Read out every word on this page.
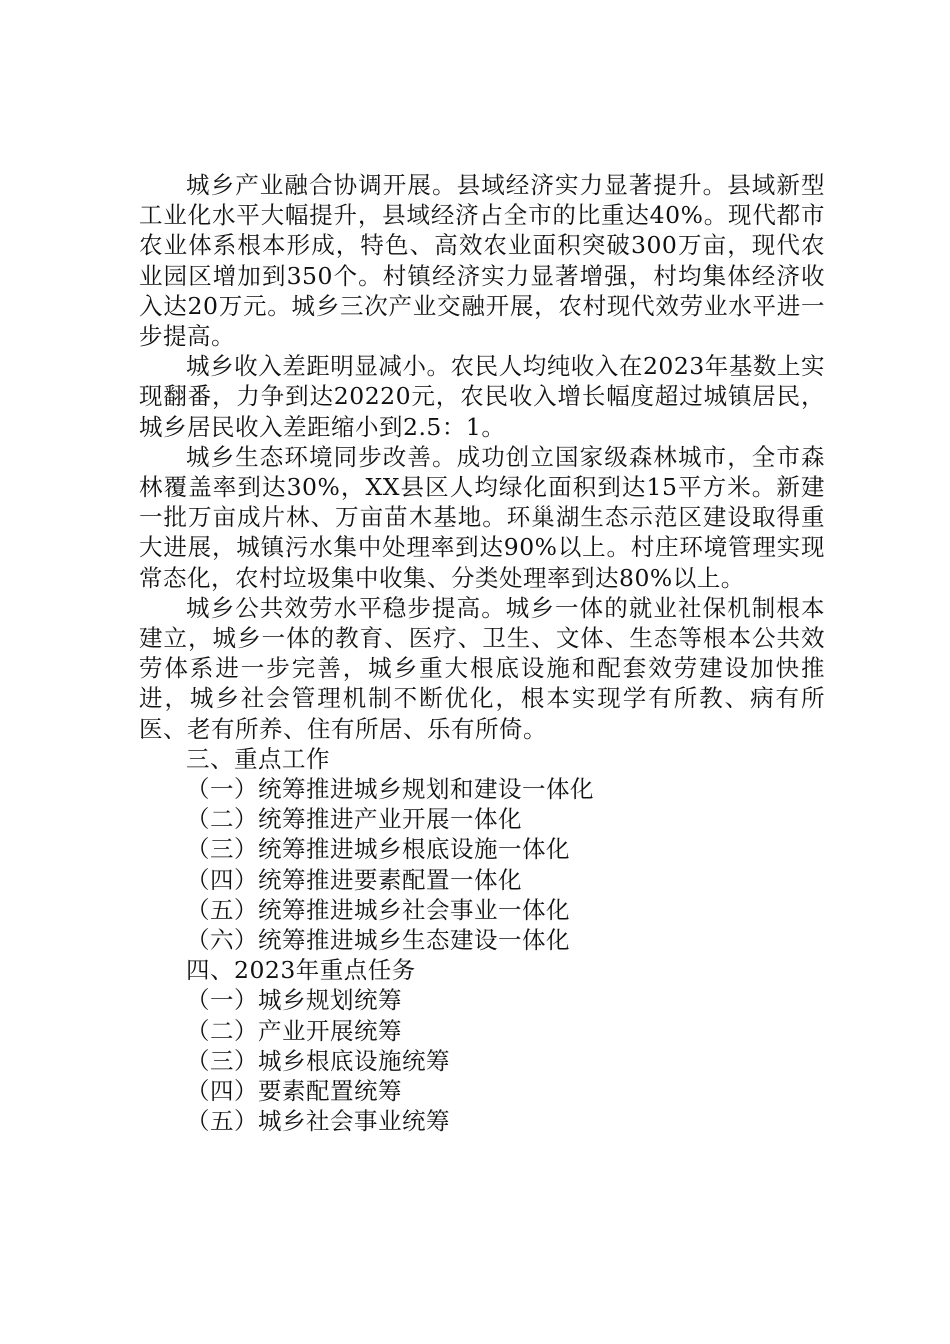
城乡产业融合协调开展。县域经济实力显著提升。县域新型工业化水平大幅提升，县域经济占全市的比重达40%。现代都市农业体系根本形成，特色、高效农业面积突破300万亩，现代农业园区增加到350个。村镇经济实力显著增强，村均集体经济收入达20万元。城乡三次产业交融开展，农村现代效劳业水平进一步提高。

城乡收入差距明显减小。农民人均纯收入在2023年基数上实现翻番，力争到达20220元，农民收入增长幅度超过城镇居民，城乡居民收入差距缩小到2.5：1。

城乡生态环境同步改善。成功创立国家级森林城市，全市森林覆盖率到达30%，XX县区人均绿化面积到达15平方米。新建一批万亩成片林、万亩苗木基地。环巢湖生态示范区建设取得重大进展，城镇污水集中处理率到达90%以上。村庄环境管理实现常态化，农村垃圾集中收集、分类处理率到达80%以上。

城乡公共效劳水平稳步提高。城乡一体的就业社保机制根本建立，城乡一体的教育、医疗、卫生、文体、生态等根本公共效劳体系进一步完善，城乡重大根底设施和配套效劳建设加快推进，城乡社会管理机制不断优化，根本实现学有所教、病有所医、老有所养、住有所居、乐有所倚。

三、重点工作

（一）统筹推进城乡规划和建设一体化

（二）统筹推进产业开展一体化

（三）统筹推进城乡根底设施一体化

（四）统筹推进要素配置一体化

（五）统筹推进城乡社会事业一体化

（六）统筹推进城乡生态建设一体化

四、2023年重点任务

（一）城乡规划统筹

（二）产业开展统筹

（三）城乡根底设施统筹

（四）要素配置统筹

（五）城乡社会事业统筹
